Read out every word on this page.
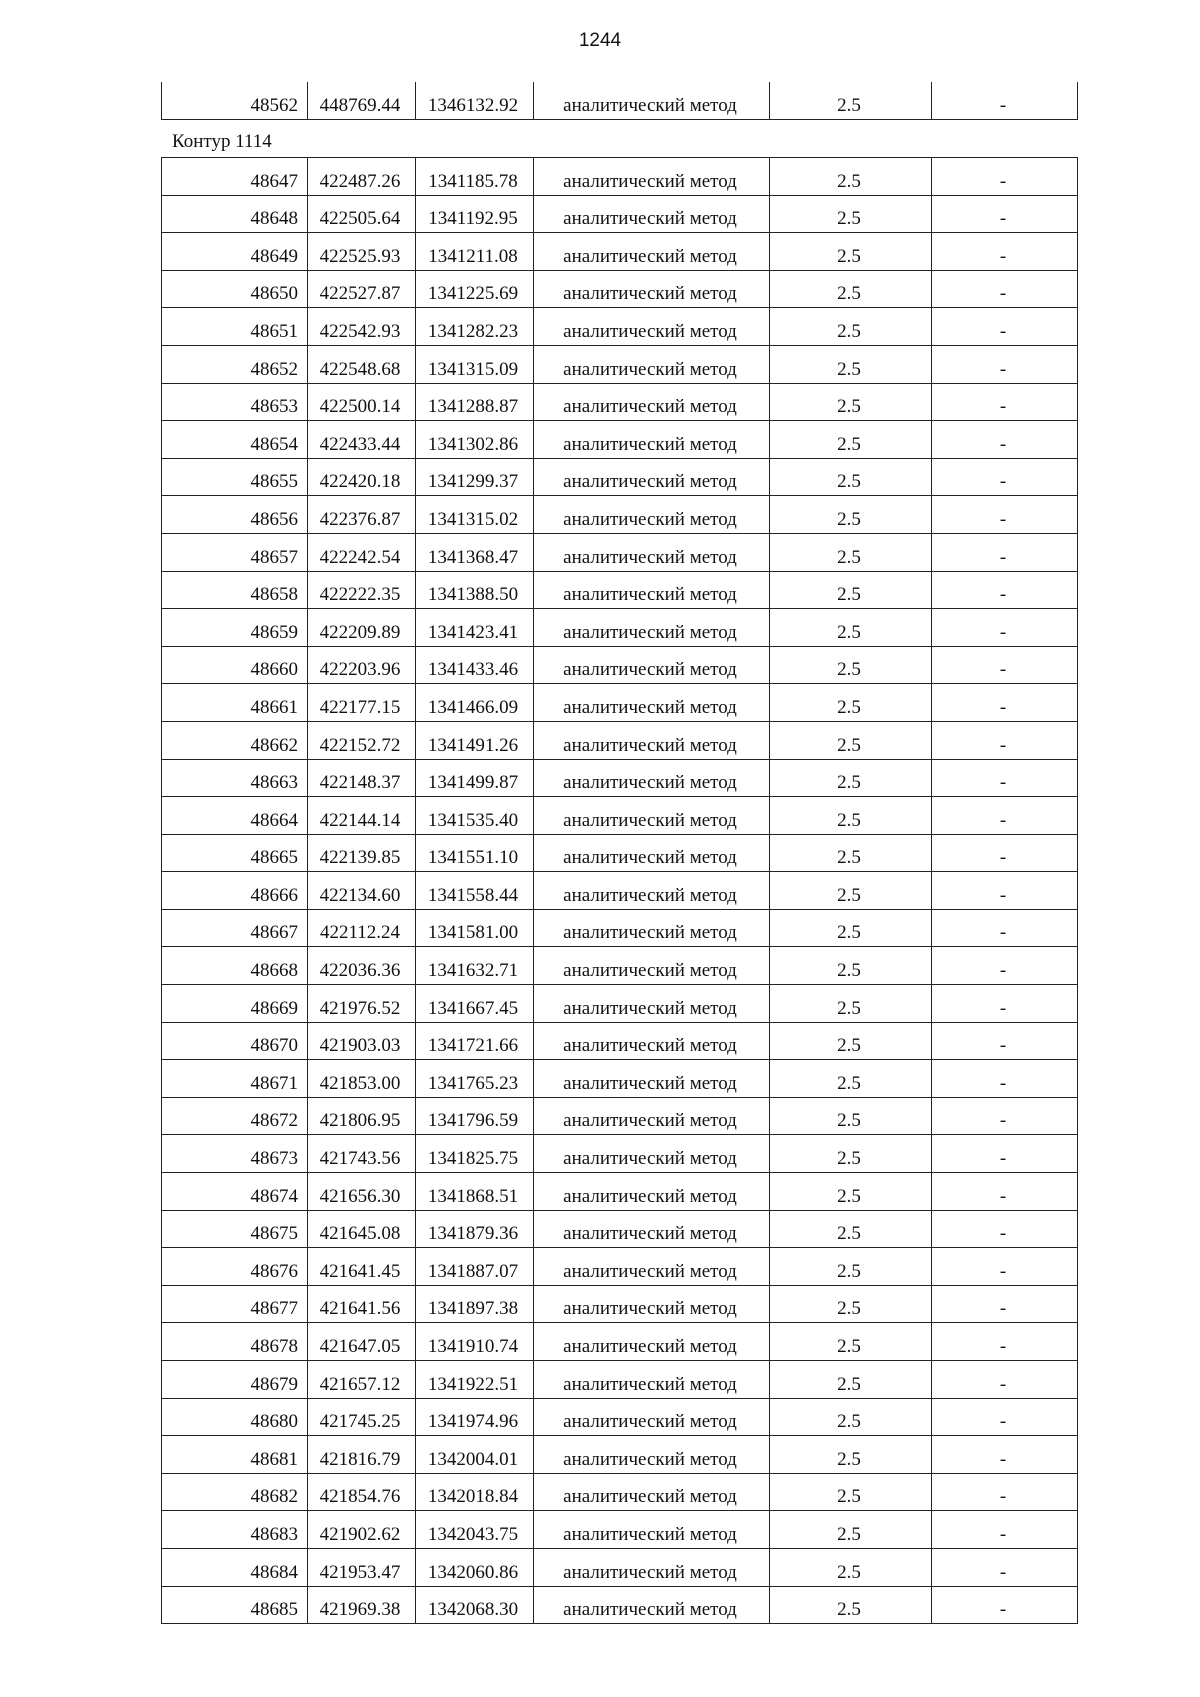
1244
48562	448769.44	1346132.92	аналитический метод	2.5	-
Контур 1114
48647	422487.26	1341185.78	аналитический метод	2.5	-
48648	422505.64	1341192.95	аналитический метод	2.5	-
48649	422525.93	1341211.08	аналитический метод	2.5	-
48650	422527.87	1341225.69	аналитический метод	2.5	-
48651	422542.93	1341282.23	аналитический метод	2.5	-
48652	422548.68	1341315.09	аналитический метод	2.5	-
48653	422500.14	1341288.87	аналитический метод	2.5	-
48654	422433.44	1341302.86	аналитический метод	2.5	-
48655	422420.18	1341299.37	аналитический метод	2.5	-
48656	422376.87	1341315.02	аналитический метод	2.5	-
48657	422242.54	1341368.47	аналитический метод	2.5	-
48658	422222.35	1341388.50	аналитический метод	2.5	-
48659	422209.89	1341423.41	аналитический метод	2.5	-
48660	422203.96	1341433.46	аналитический метод	2.5	-
48661	422177.15	1341466.09	аналитический метод	2.5	-
48662	422152.72	1341491.26	аналитический метод	2.5	-
48663	422148.37	1341499.87	аналитический метод	2.5	-
48664	422144.14	1341535.40	аналитический метод	2.5	-
48665	422139.85	1341551.10	аналитический метод	2.5	-
48666	422134.60	1341558.44	аналитический метод	2.5	-
48667	422112.24	1341581.00	аналитический метод	2.5	-
48668	422036.36	1341632.71	аналитический метод	2.5	-
48669	421976.52	1341667.45	аналитический метод	2.5	-
48670	421903.03	1341721.66	аналитический метод	2.5	-
48671	421853.00	1341765.23	аналитический метод	2.5	-
48672	421806.95	1341796.59	аналитический метод	2.5	-
48673	421743.56	1341825.75	аналитический метод	2.5	-
48674	421656.30	1341868.51	аналитический метод	2.5	-
48675	421645.08	1341879.36	аналитический метод	2.5	-
48676	421641.45	1341887.07	аналитический метод	2.5	-
48677	421641.56	1341897.38	аналитический метод	2.5	-
48678	421647.05	1341910.74	аналитический метод	2.5	-
48679	421657.12	1341922.51	аналитический метод	2.5	-
48680	421745.25	1341974.96	аналитический метод	2.5	-
48681	421816.79	1342004.01	аналитический метод	2.5	-
48682	421854.76	1342018.84	аналитический метод	2.5	-
48683	421902.62	1342043.75	аналитический метод	2.5	-
48684	421953.47	1342060.86	аналитический метод	2.5	-
48685	421969.38	1342068.30	аналитический метод	2.5	-
